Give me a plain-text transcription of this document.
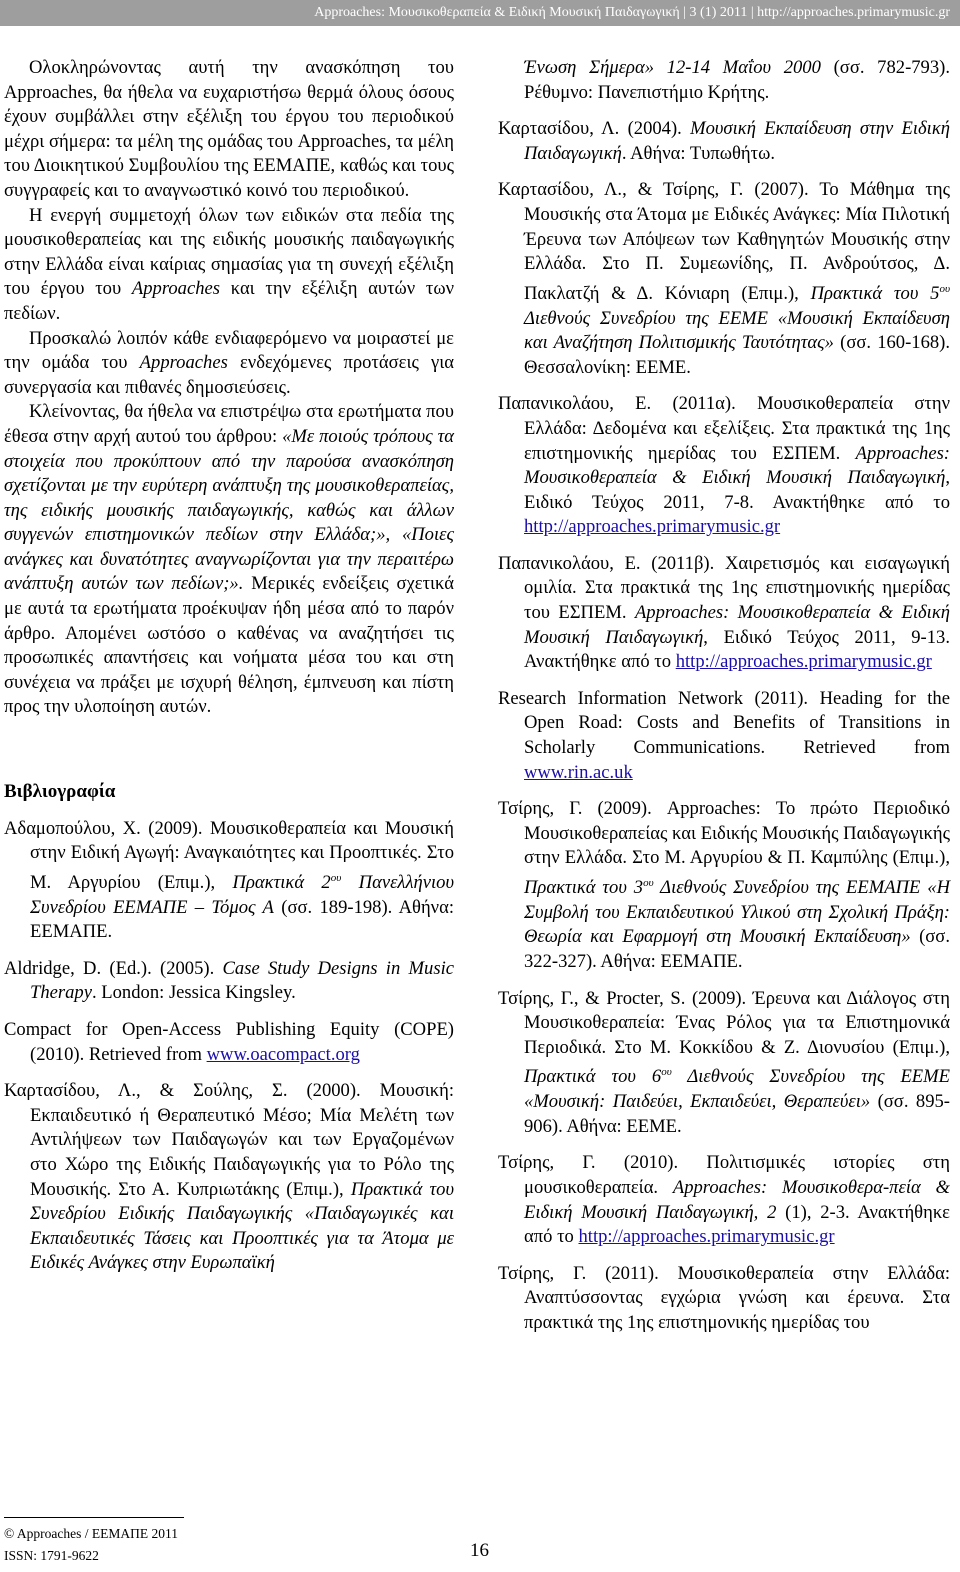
Approaches: Μουσικοθεραπεία & Ειδική Μουσική Παιδαγωγική | 3 (1) 2011 | http://approaches.primarymusic.gr

Ολοκληρώνοντας αυτή την ανασκόπηση του Approaches, θα ήθελα να ευχαριστήσω θερμά όλους όσους έχουν συμβάλλει στην εξέλιξη του έργου του περιοδικού μέχρι σήμερα: τα μέλη της ομάδας του Approaches, τα μέλη του Διοικητικού Συμβουλίου της ΕΕΜΑΠΕ, καθώς και τους συγγραφείς και το αναγνωστικό κοινό του περιοδικού.

Η ενεργή συμμετοχή όλων των ειδικών στα πεδία της μουσικοθεραπείας και της ειδικής μουσικής παιδαγωγικής στην Ελλάδα είναι καίριας σημασίας για τη συνεχή εξέλιξη του έργου του Approaches και την εξέλιξη αυτών των πεδίων.

Προσκαλώ λοιπόν κάθε ενδιαφερόμενο να μοιραστεί με την ομάδα του Approaches ενδεχόμενες προτάσεις για συνεργασία και πιθανές δημοσιεύσεις.

Κλείνοντας, θα ήθελα να επιστρέψω στα ερωτήματα που έθεσα στην αρχή αυτού του άρθρου: «Με ποιούς τρόπους τα στοιχεία που προκύπτουν από την παρούσα ανασκόπηση σχετίζονται με την ευρύτερη ανάπτυξη της μουσικοθεραπείας, της ειδικής μουσικής παιδαγωγικής, καθώς και άλλων συγγενών επιστημονικών πεδίων στην Ελλάδα;», «Ποιες ανάγκες και δυνατότητες αναγνωρίζονται για την περαιτέρω ανάπτυξη αυτών των πεδίων;». Μερικές ενδείξεις σχετικά με αυτά τα ερωτήματα προέκυψαν ήδη μέσα από το παρόν άρθρο. Απομένει ωστόσο ο καθένας να αναζητήσει τις προσωπικές απαντήσεις και νοήματα μέσα του και στη συνέχεια να πράξει με ισχυρή θέληση, έμπνευση και πίστη προς την υλοποίηση αυτών.

Βιβλιογραφία

Αδαμοπούλου, Χ. (2009). Μουσικοθεραπεία και Μουσική στην Ειδική Αγωγή: Αναγκαιότητες και Προοπτικές. Στο Μ. Αργυρίου (Επιμ.), Πρακτικά $2^{o\upsilon}$ Πανελλήνιου Συνεδρίου ΕΕΜΑΠΕ – Τόμος Α (σσ. 189-198). Αθήνα: ΕΕΜΑΠΕ.

Aldridge, D. (Ed.). (2005). Case Study Designs in Music Therapy. London: Jessica Kingsley.

Compact for Open-Access Publishing Equity (COPE) (2010). Retrieved from www.oacompact.org

Καρτασίδου, Λ., & Σούλης, Σ. (2000). Μουσική: Εκπαιδευτικό ή Θεραπευτικό Μέσο; Μία Μελέτη των Αντιλήψεων των Παιδαγωγών και των Εργαζομένων στο Χώρο της Ειδικής Παιδαγωγικής για το Ρόλο της Μουσικής. Στο Α. Κυπριωτάκης (Επιμ.), Πρακτικά του Συνεδρίου Ειδικής Παιδαγωγικής «Παιδαγωγικές και Εκπαιδευτικές Τάσεις και Προοπτικές για τα Άτομα με Ειδικές Ανάγκες στην Ευρωπαϊκή

Ένωση Σήμερα» 12-14 Μαΐου 2000 (σσ. 782-793). Ρέθυμνο: Πανεπιστήμιο Κρήτης.

Καρτασίδου, Λ. (2004). Μουσική Εκπαίδευση στην Ειδική Παιδαγωγική. Αθήνα: Τυπωθήτω.

Καρτασίδου, Λ., & Τσίρης, Γ. (2007). Το Μάθημα της Μουσικής στα Άτομα με Ειδικές Ανάγκες: Μία Πιλοτική Έρευνα των Απόψεων των Καθηγητών Μουσικής στην Ελλάδα. Στο Π. Συμεωνίδης, Π. Ανδρούτσος, Δ. Πακλατζή & Δ. Κόνιαρη (Επιμ.), Πρακτικά του $5^{o\upsilon}$ Διεθνούς Συνεδρίου της ΕΕΜΕ «Μουσική Εκπαίδευση και Αναζήτηση Πολιτισμικής Ταυτότητας» (σσ. 160-168). Θεσσαλονίκη: ΕΕΜΕ.

Παπανικολάου, Ε. (2011α). Μουσικοθεραπεία στην Ελλάδα: Δεδομένα και εξελίξεις. Στα πρακτικά της 1ης επιστημονικής ημερίδας του ΕΣΠΕΜ. Approaches: Μουσικοθεραπεία & Ειδική Μουσική Παιδαγωγική, Ειδικό Τεύχος 2011, 7-8. Ανακτήθηκε από το http://approaches.primarymusic.gr

Παπανικολάου, Ε. (2011β). Χαιρετισμός και εισαγωγική ομιλία. Στα πρακτικά της 1ης επιστημονικής ημερίδας του ΕΣΠΕΜ. Approaches: Μουσικοθεραπεία & Ειδική Μουσική Παιδαγωγική, Ειδικό Τεύχος 2011, 9-13. Ανακτήθηκε από το http://approaches.primarymusic.gr

Research Information Network (2011). Heading for the Open Road: Costs and Benefits of Transitions in Scholarly Communications. Retrieved from www.rin.ac.uk

Τσίρης, Γ. (2009). Approaches: Το πρώτο Περιοδικό Μουσικοθεραπείας και Ειδικής Μουσικής Παιδαγωγικής στην Ελλάδα. Στο Μ. Αργυρίου & Π. Καμπύλης (Επιμ.), Πρακτικά του $3^{o\upsilon}$ Διεθνούς Συνεδρίου της ΕΕΜΑΠΕ «Η Συμβολή του Εκπαιδευτικού Υλικού στη Σχολική Πράξη: Θεωρία και Εφαρμογή στη Μουσική Εκπαίδευση» (σσ. 322-327). Αθήνα: ΕΕΜΑΠΕ.

Τσίρης, Γ., & Procter, S. (2009). Έρευνα και Διάλογος στη Μουσικοθεραπεία: Ένας Ρόλος για τα Επιστημονικά Περιοδικά. Στο Μ. Κοκκίδου & Ζ. Διονυσίου (Επιμ.), Πρακτικά του $6^{o\upsilon}$ Διεθνούς Συνεδρίου της ΕΕΜΕ «Μουσική: Παιδεύει, Εκπαιδεύει, Θεραπεύει» (σσ. 895-906). Αθήνα: ΕΕΜΕ.

Τσίρης, Γ. (2010). Πολιτισμικές ιστορίες στη μουσικοθεραπεία. Approaches: Μουσικοθερα-πεία & Ειδική Μουσική Παιδαγωγική, 2 (1), 2-3. Ανακτήθηκε από το http://approaches.primarymusic.gr

Τσίρης, Γ. (2011). Μουσικοθεραπεία στην Ελλάδα: Αναπτύσσοντας εγχώρια γνώση και έρευνα. Στα πρακτικά της 1ης επιστημονικής ημερίδας του

© Approaches / ΕΕΜΑΠΕ 2011
ISSN: 1791-9622	16
